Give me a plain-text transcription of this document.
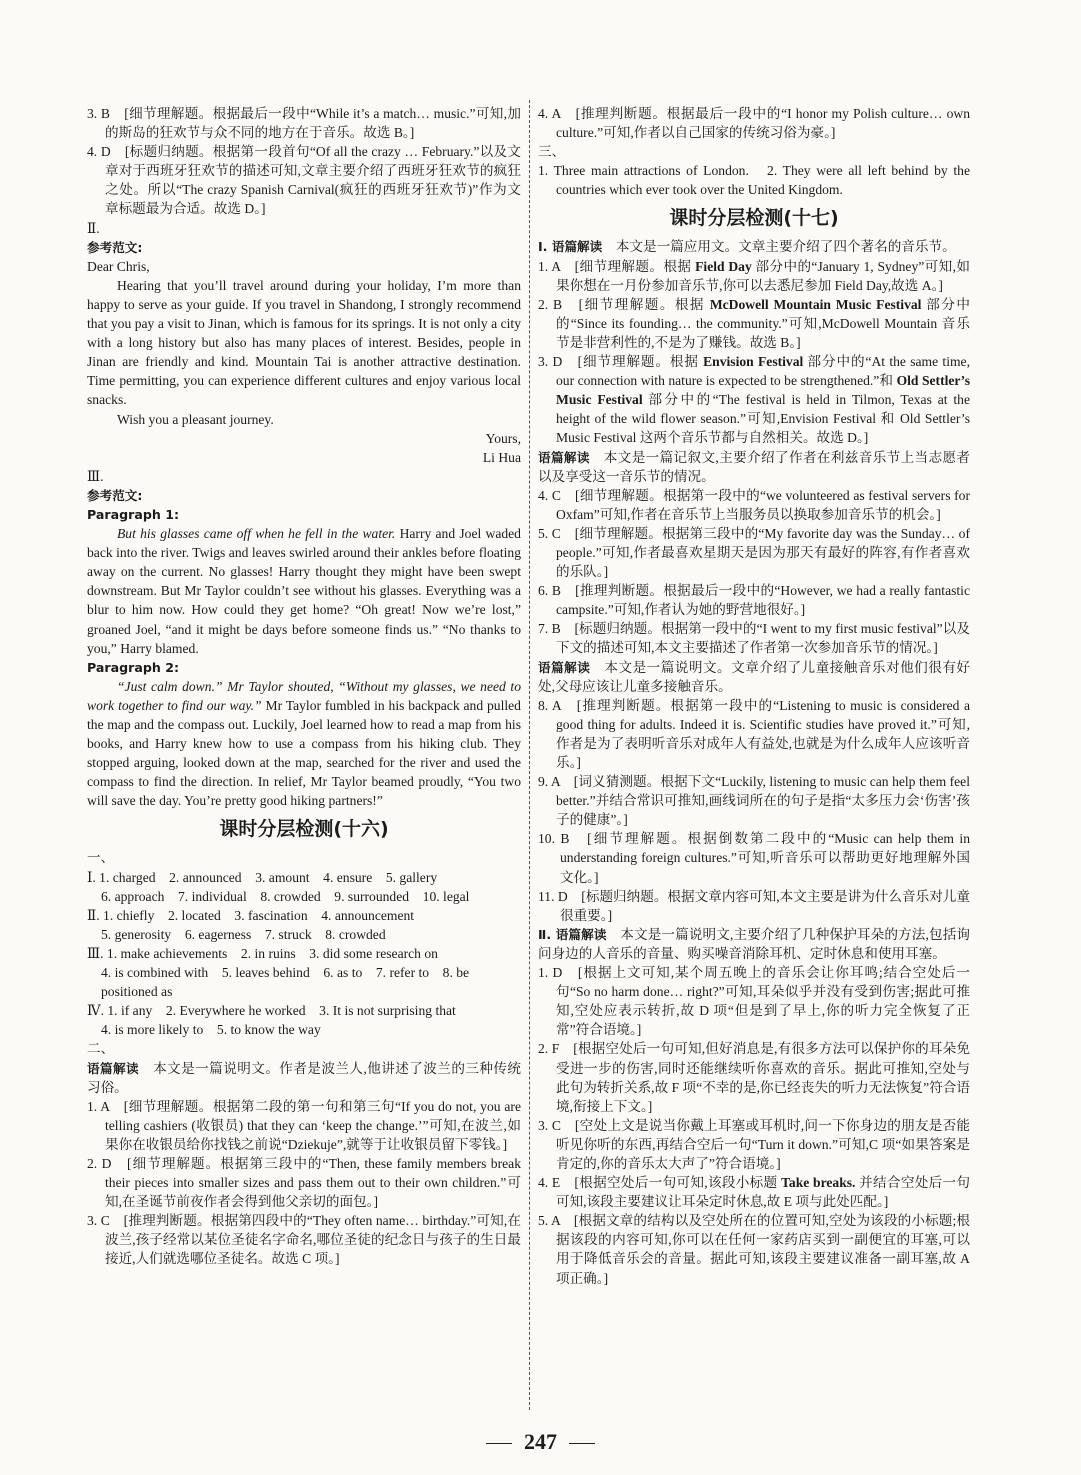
3. B　[细节理解题。根据最后一段中“While it’s a match… music.”可知,加的斯岛的狂欢节与众不同的地方在于音乐。故选 B。]

4. D　[标题归纳题。根据第一段首句“Of all the crazy … February.”以及文章对于西班牙狂欢节的描述可知,文章主要介绍了西班牙狂欢节的疯狂之处。所以“The crazy Spanish Carnival(疯狂的西班牙狂欢节)”作为文章标题最为合适。故选 D。]

Ⅱ.

参考范文:

Dear Chris,

Hearing that you’ll travel around during your holiday, I’m more than happy to serve as your guide. If you travel in Shandong, I strongly recommend that you pay a visit to Jinan, which is famous for its springs. It is not only a city with a long history but also has many places of interest. Besides, people in Jinan are friendly and kind. Mountain Tai is another attractive destination. Time permitting, you can experience different cultures and enjoy various local snacks.

Wish you a pleasant journey.

Yours,

Li Hua

Ⅲ.

参考范文:

Paragraph 1:

But his glasses came off when he fell in the water. Harry and Joel waded back into the river. Twigs and leaves swirled around their ankles before floating away on the current. No glasses! Harry thought they might have been swept downstream. But Mr Taylor couldn’t see without his glasses. Everything was a blur to him now. How could they get home? “Oh great! Now we’re lost,” groaned Joel, “and it might be days before someone finds us.” “No thanks to you,” Harry blamed.

Paragraph 2:

“Just calm down.” Mr Taylor shouted, “Without my glasses, we need to work together to find our way.” Mr Taylor fumbled in his backpack and pulled the map and the compass out. Luckily, Joel learned how to read a map from his books, and Harry knew how to use a compass from his hiking club. They stopped arguing, looked down at the map, searched for the river and used the compass to find the direction. In relief, Mr Taylor beamed proudly, “You two will save the day. You’re pretty good hiking partners!”

课时分层检测(十六)

一、

Ⅰ. 1. charged　2. announced　3. amount　4. ensure　5. gallery

6. approach　7. individual　8. crowded　9. surrounded　10. legal

Ⅱ. 1. chiefly　2. located　3. fascination　4. announcement

5. generosity　6. eagerness　7. struck　8. crowded

Ⅲ. 1. make achievements　2. in ruins　3. did some research on

4. is combined with　5. leaves behind　6. as to　7. refer to　8. be

positioned as

Ⅳ. 1. if any　2. Everywhere he worked　3. It is not surprising that

4. is more likely to　5. to know the way

二、

语篇解读　本文是一篇说明文。作者是波兰人,他讲述了波兰的三种传统习俗。

1. A　[细节理解题。根据第二段的第一句和第三句“If you do not, you are telling cashiers (收银员) that they can ‘keep the change.’”可知,在波兰,如果你在收银员给你找钱之前说“Dziekuje”,就等于让收银员留下零钱。]

2. D　[细节理解题。根据第三段中的“Then, these family members break their pieces into smaller sizes and pass them out to their own children.”可知,在圣诞节前夜作者会得到他父亲切的面包。]

3. C　[推理判断题。根据第四段中的“They often name… birthday.”可知,在波兰,孩子经常以某位圣徒名字命名,哪位圣徒的纪念日与孩子的生日最接近,人们就选哪位圣徒名。故选 C 项。]

4. A　[推理判断题。根据最后一段中的“I honor my Polish culture… own culture.”可知,作者以自己国家的传统习俗为豪。]

三、

1. Three main attractions of London.　2. They were all left behind by the countries which ever took over the United Kingdom.

课时分层检测(十七)

Ⅰ. 语篇解读　本文是一篇应用文。文章主要介绍了四个著名的音乐节。

1. A　[细节理解题。根据 Field Day 部分中的“January 1, Sydney”可知,如果你想在一月份参加音乐节,你可以去悉尼参加 Field Day,故选 A。]

2. B　[细节理解题。根据 McDowell Mountain Music Festival 部分中的“Since its founding… the community.”可知,McDowell Mountain 音乐节是非营利性的,不是为了赚钱。故选 B。]

3. D　[细节理解题。根据 Envision Festival 部分中的“At the same time, our connection with nature is expected to be strengthened.”和 Old Settler’s Music Festival 部分中的“The festival is held in Tilmon, Texas at the height of the wild flower season.”可知,Envision Festival 和 Old Settler’s Music Festival 这两个音乐节都与自然相关。故选 D。]

语篇解读　本文是一篇记叙文,主要介绍了作者在利兹音乐节上当志愿者以及享受这一音乐节的情况。

4. C　[细节理解题。根据第一段中的“we volunteered as festival servers for Oxfam”可知,作者在音乐节上当服务员以换取参加音乐节的机会。]

5. C　[细节理解题。根据第三段中的“My favorite day was the Sunday… of people.”可知,作者最喜欢星期天是因为那天有最好的阵容,有作者喜欢的乐队。]

6. B　[推理判断题。根据最后一段中的“However, we had a really fantastic campsite.”可知,作者认为她的野营地很好。]

7. B　[标题归纳题。根据第一段中的“I went to my first music festival”以及下文的描述可知,本文主要描述了作者第一次参加音乐节的情况。]

语篇解读　本文是一篇说明文。文章介绍了儿童接触音乐对他们很有好处,父母应该让儿童多接触音乐。

8. A　[推理判断题。根据第一段中的“Listening to music is considered a good thing for adults. Indeed it is. Scientific studies have proved it.”可知,作者是为了表明听音乐对成年人有益处,也就是为什么成年人应该听音乐。]

9. A　[词义猜测题。根据下文“Luckily, listening to music can help them feel better.”并结合常识可推知,画线词所在的句子是指“太多压力会‘伤害’孩子的健康”。]

10. B　[细节理解题。根据倒数第二段中的“Music can help them in understanding foreign cultures.”可知,听音乐可以帮助更好地理解外国文化。]

11. D　[标题归纳题。根据文章内容可知,本文主要是讲为什么音乐对儿童很重要。]

Ⅱ. 语篇解读　本文是一篇说明文,主要介绍了几种保护耳朵的方法,包括询问身边的人音乐的音量、购买噪音消除耳机、定时休息和使用耳塞。

1. D　[根据上文可知,某个周五晚上的音乐会让你耳鸣;结合空处后一句“So no harm done… right?”可知,耳朵似乎并没有受到伤害;据此可推知,空处应表示转折,故 D 项“但是到了早上,你的听力完全恢复了正常”符合语境。]

2. F　[根据空处后一句可知,但好消息是,有很多方法可以保护你的耳朵免受进一步的伤害,同时还能继续听你喜欢的音乐。据此可推知,空处与此句为转折关系,故 F 项“不幸的是,你已经丧失的听力无法恢复”符合语境,衔接上下文。]

3. C　[空处上文是说当你戴上耳塞或耳机时,问一下你身边的朋友是否能听见你听的东西,再结合空后一句“Turn it down.”可知,C 项“如果答案是肯定的,你的音乐太大声了”符合语境。]

4. E　[根据空处后一句可知,该段小标题 Take breaks. 并结合空处后一句可知,该段主要建议让耳朵定时休息,故 E 项与此处匹配。]

5. A　[根据文章的结构以及空处所在的位置可知,空处为该段的小标题;根据该段的内容可知,你可以在任何一家药店买到一副便宜的耳塞,可以用于降低音乐会的音量。据此可知,该段主要建议准备一副耳塞,故 A 项正确。]

247
